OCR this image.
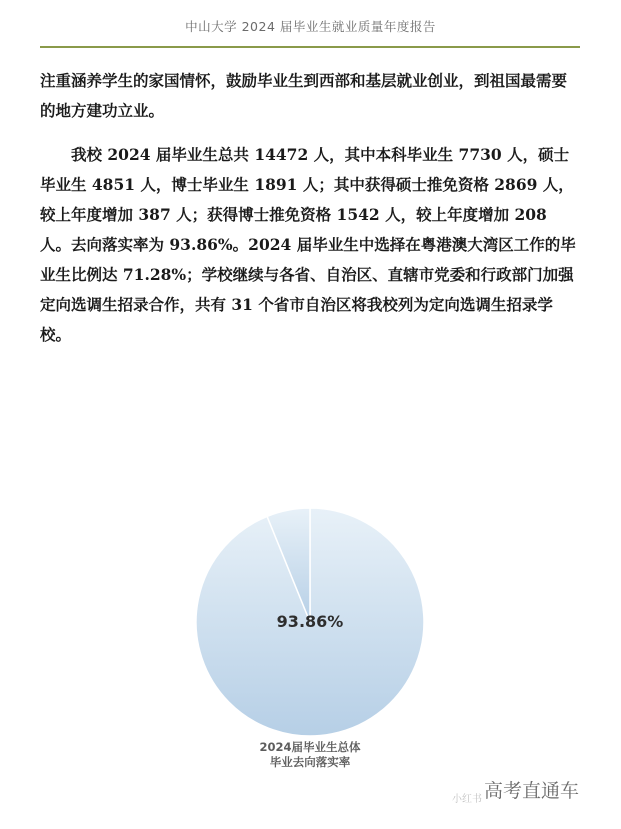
中山大学 2024 届毕业生就业质量年度报告

注重涵养学生的家国情怀，鼓励毕业生到西部和基层就业创业，到祖国最需要的地方建功立业。

我校 2024 届毕业生总共 14472 人，其中本科毕业生 7730 人，硕士毕业生 4851 人，博士毕业生 1891 人；其中获得硕士推免资格 2869 人，较上年度增加 387 人；获得博士推免资格 1542 人，较上年度增加 208 人。去向落实率为 93.86%。2024 届毕业生中选择在粤港澳大湾区工作的毕业生比例达 71.28%；学校继续与各省、自治区、直辖市党委和行政部门加强定向选调生招录合作，共有 31 个省市自治区将我校列为定向选调生招录学校。

93.86%
2024届毕业生总体
毕业去向落实率
小红书 高考直通车
